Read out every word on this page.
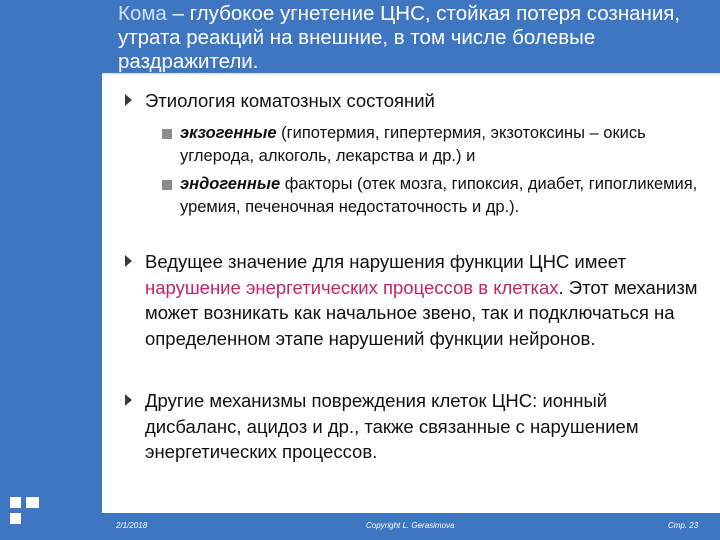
Кома – глубокое угнетение ЦНС, стойкая потеря сознания, утрата реакций на внешние, в том числе болевые раздражители.
Этиология коматозных состояний
экзогенные (гипотермия, гипертермия, экзотоксины – окись углерода, алкоголь, лекарства и др.) и
эндогенные факторы (отек мозга, гипоксия, диабет, гипогликемия, уремия, печеночная недостаточность и др.).
Ведущее значение для нарушения функции ЦНС имеет нарушение энергетических процессов в клетках. Этот механизм может возникать как начальное звено, так и подключаться на определенном этапе нарушений функции нейронов.
Другие механизмы повреждения клеток ЦНС: ионный дисбаланс, ацидоз и др., также связанные с нарушением энергетических процессов.
2/1/2018	Copyright L. Gerasimova	Стр. 23
